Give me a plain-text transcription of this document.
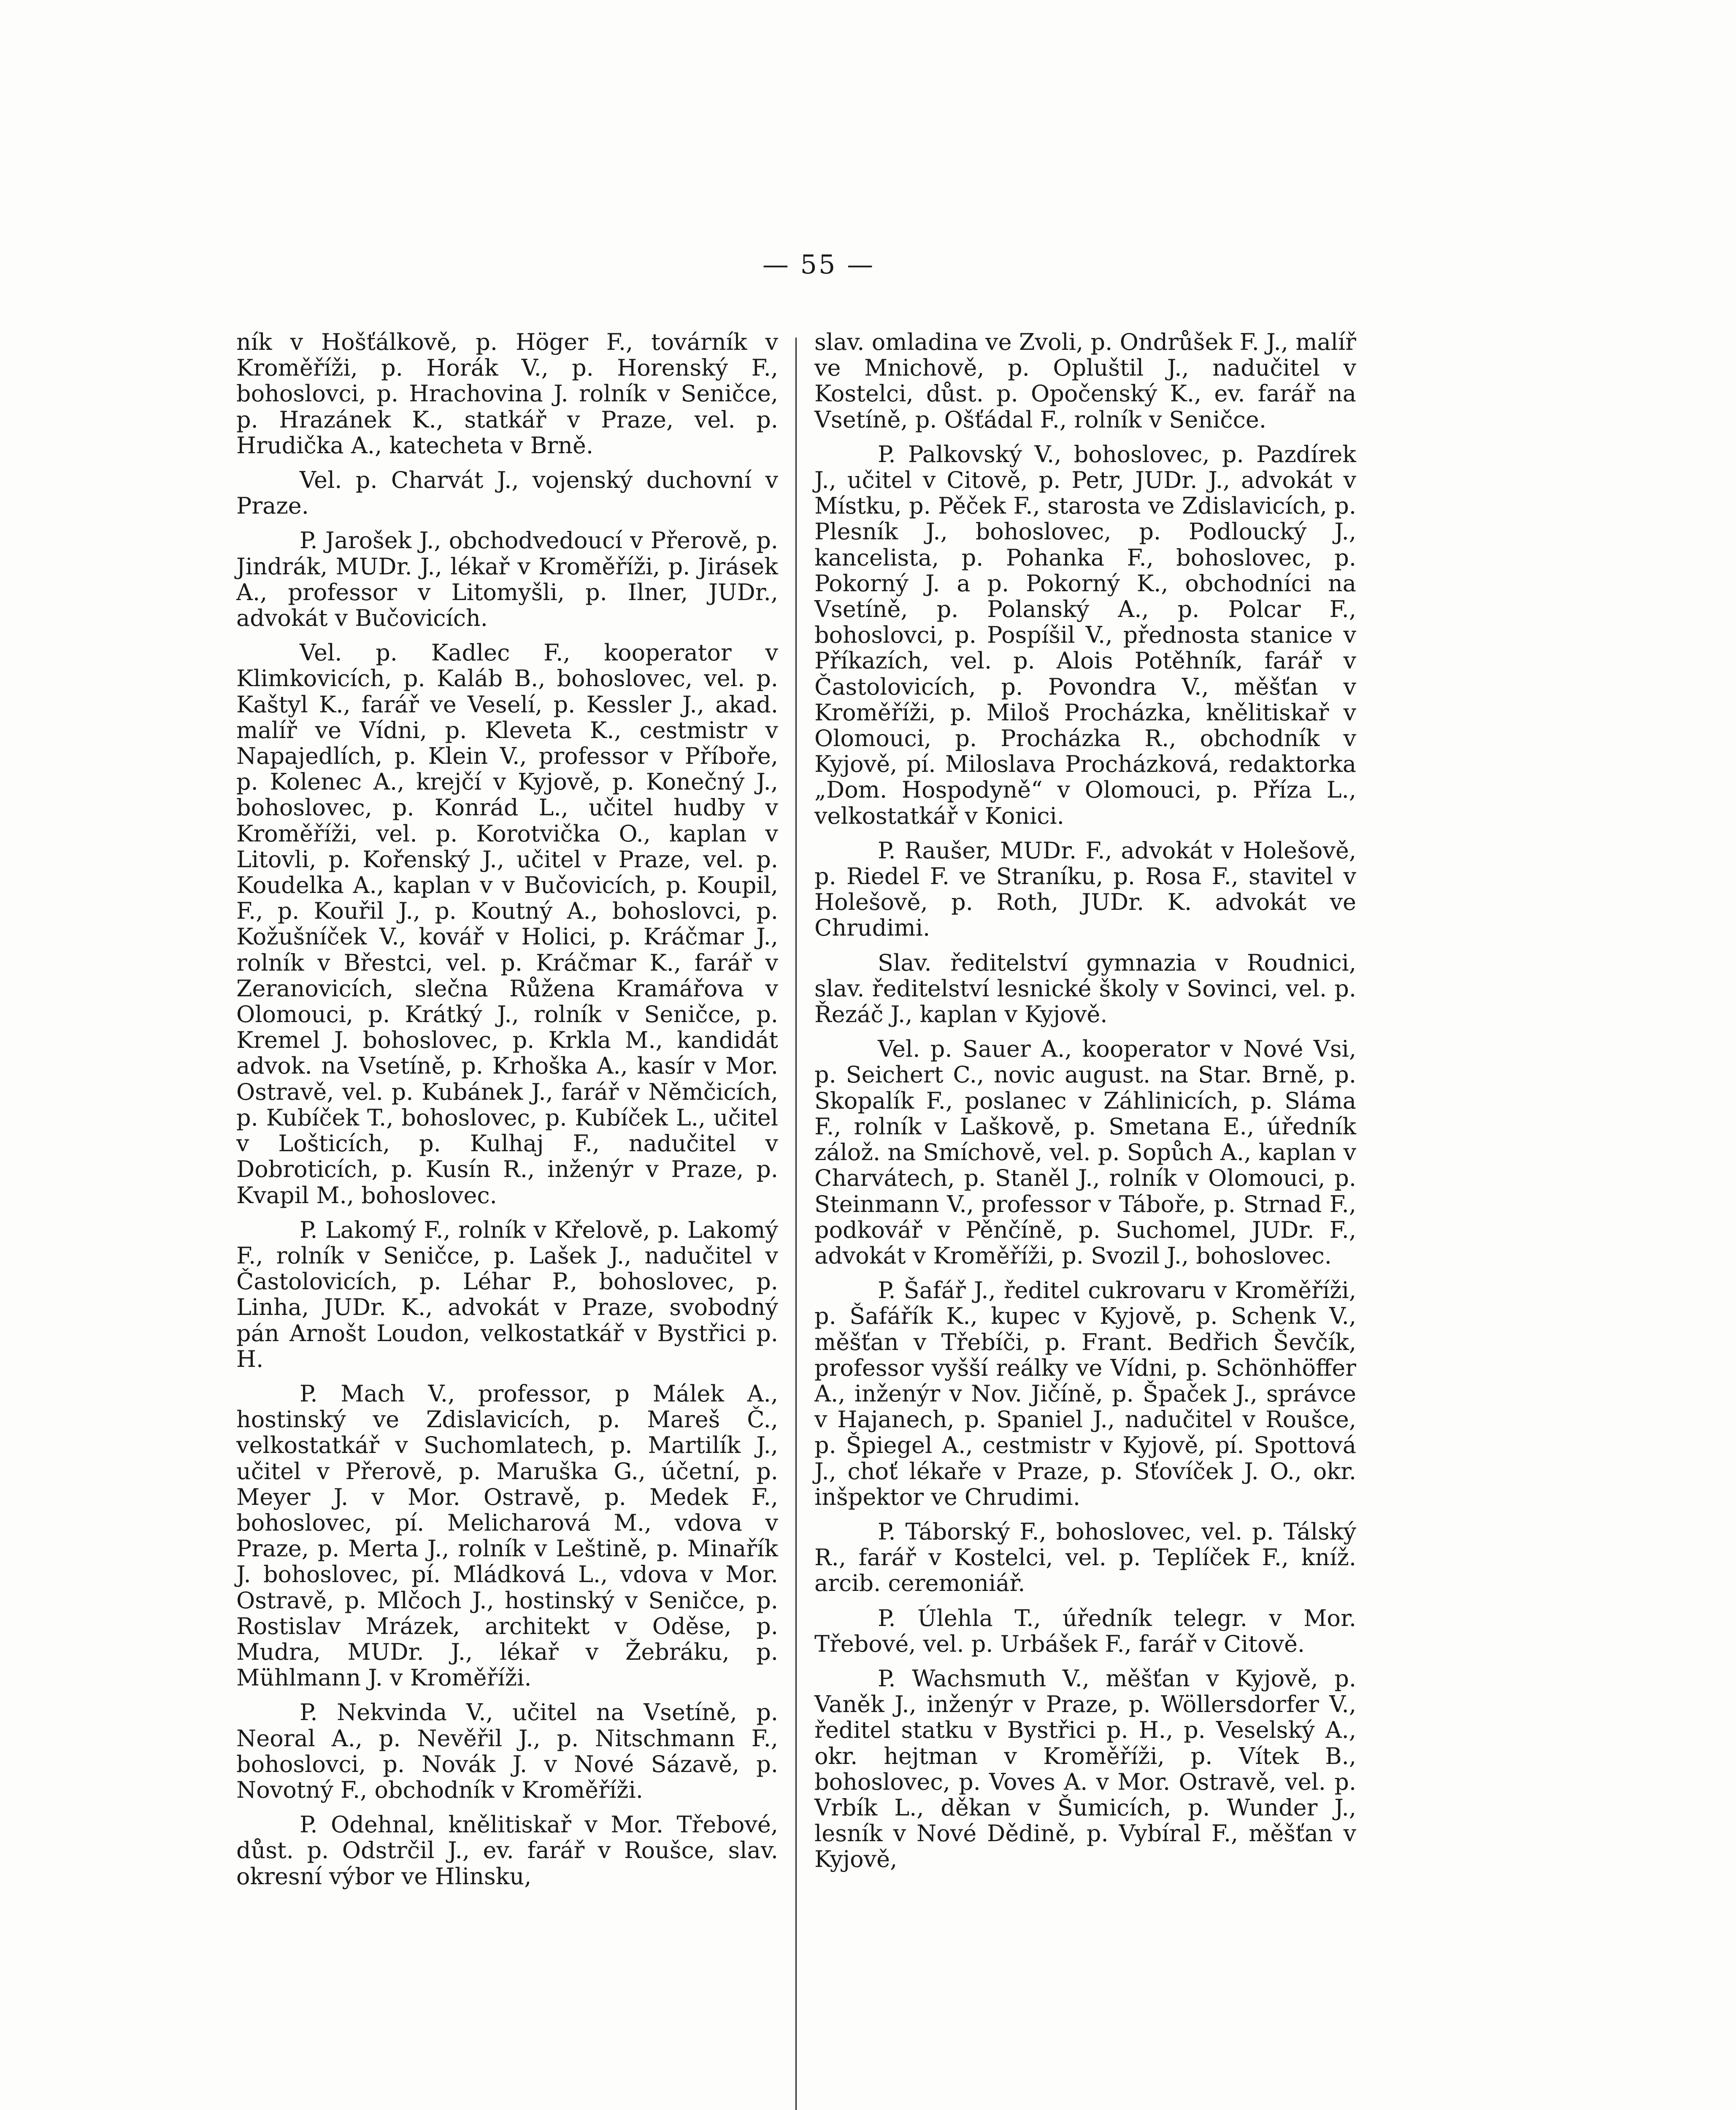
— 55 —

ník v Hošťálkově, p. Höger F., továrník v Kroměříži, p. Horák V., p. Horenský F., bohoslovci, p. Hrachovina J. rolník v Seničce, p. Hrazánek K., statkář v Praze, vel. p. Hrudička A., katecheta v Brně.

Vel. p. Charvát J., vojenský duchovní v Praze.

P. Jarošek J., obchodvedoucí v Přerově, p. Jindrák, MUDr. J., lékař v Kroměříži, p. Jirásek A., professor v Litomyšli, p. Ilner, JUDr., advokát v Bučovicích.

Vel. p. Kadlec F., kooperator v Klimkovicích, p. Kaláb B., bohoslovec, vel. p. Kaštyl K., farář ve Veselí, p. Kessler J., akad. malíř ve Vídni, p. Kleveta K., cestmistr v Napajedlích, p. Klein V., professor v Příboře, p. Kolenec A., krejčí v Kyjově, p. Konečný J., bohoslovec, p. Konrád L., učitel hudby v Kroměříži, vel. p. Korotvička O., kaplan v Litovli, p. Kořenský J., učitel v Praze, vel. p. Koudelka A., kaplan v v Bučovicích, p. Koupil, F., p. Kouřil J., p. Koutný A., bohoslovci, p. Kožušníček V., kovář v Holici, p. Kráčmar J., rolník v Břestci, vel. p. Kráčmar K., farář v Zeranovicích, slečna Růžena Kramářova v Olomouci, p. Krátký J., rolník v Seničce, p. Kremel J. bohoslovec, p. Krkla M., kandidát advok. na Vsetíně, p. Krhoška A., kasír v Mor. Ostravě, vel. p. Kubánek J., farář v Němčicích, p. Kubíček T., bohoslovec, p. Kubíček L., učitel v Lošticích, p. Kulhaj F., nadučitel v Dobroticích, p. Kusín R., inženýr v Praze, p. Kvapil M., bohoslovec.

P. Lakomý F., rolník v Křelově, p. Lakomý F., rolník v Seničce, p. Lašek J., nadučitel v Častolovicích, p. Léhar P., bohoslovec, p. Linha, JUDr. K., advokát v Praze, svobodný pán Arnošt Loudon, velkostatkář v Bystřici p. H.

P. Mach V., professor, p Málek A., hostinský ve Zdislavicích, p. Mareš Č., velkostatkář v Suchomlatech, p. Martilík J., učitel v Přerově, p. Maruška G., účetní, p. Meyer J. v Mor. Ostravě, p. Medek F., bohoslovec, pí. Melicharová M., vdova v Praze, p. Merta J., rolník v Leštině, p. Minařík J. bohoslovec, pí. Mládková L., vdova v Mor. Ostravě, p. Mlčoch J., hostinský v Seničce, p. Rostislav Mrázek, architekt v Oděse, p. Mudra, MUDr. J., lékař v Žebráku, p. Mühlmann J. v Kroměříži.

P. Nekvinda V., učitel na Vsetíně, p. Neoral A., p. Nevěřil J., p. Nitschmann F., bohoslovci, p. Novák J. v Nové Sázavě, p. Novotný F., obchodník v Kroměříži.

P. Odehnal, knělitiskař v Mor. Třebové, důst. p. Odstrčil J., ev. farář v Roušce, slav. okresní výbor ve Hlinsku,

slav. omladina ve Zvoli, p. Ondrůšek F. J., malíř ve Mnichově, p. Opluštil J., nadučitel v Kostelci, důst. p. Opočenský K., ev. farář na Vsetíně, p. Ošťádal F., rolník v Seničce.

P. Palkovský V., bohoslovec, p. Pazdírek J., učitel v Citově, p. Petr, JUDr. J., advokát v Místku, p. Pěček F., starosta ve Zdislavicích, p. Plesník J., bohoslovec, p. Podloucký J., kancelista, p. Pohanka F., bohoslovec, p. Pokorný J. a p. Pokorný K., obchodníci na Vsetíně, p. Polanský A., p. Polcar F., bohoslovci, p. Pospíšil V., přednosta stanice v Příkazích, vel. p. Alois Potěhník, farář v Častolovicích, p. Povondra V., měšťan v Kroměříži, p. Miloš Procházka, knělitiskař v Olomouci, p. Procházka R., obchodník v Kyjově, pí. Miloslava Procházková, redaktorka „Dom. Hospodyně“ v Olomouci, p. Příza L., velkostatkář v Konici.

P. Raušer, MUDr. F., advokát v Holešově, p. Riedel F. ve Straníku, p. Rosa F., stavitel v Holešově, p. Roth, JUDr. K. advokát ve Chrudimi.

Slav. ředitelství gymnazia v Roudnici, slav. ředitelství lesnické školy v Sovinci, vel. p. Řezáč J., kaplan v Kyjově.

Vel. p. Sauer A., kooperator v Nové Vsi, p. Seichert C., novic august. na Star. Brně, p. Skopalík F., poslanec v Záhlinicích, p. Sláma F., rolník v Laškově, p. Smetana E., úředník zálož. na Smíchově, vel. p. Sopůch A., kaplan v Charvátech, p. Staněl J., rolník v Olomouci, p. Steinmann V., professor v Táboře, p. Strnad F., podkovář v Pěnčíně, p. Suchomel, JUDr. F., advokát v Kroměříži, p. Svozil J., bohoslovec.

P. Šafář J., ředitel cukrovaru v Kroměříži, p. Šafářík K., kupec v Kyjově, p. Schenk V., měšťan v Třebíči, p. Frant. Bedřich Ševčík, professor vyšší reálky ve Vídni, p. Schönhöffer A., inženýr v Nov. Jičíně, p. Špaček J., správce v Hajanech, p. Spaniel J., nadučitel v Roušce, p. Špiegel A., cestmistr v Kyjově, pí. Spottová J., choť lékaře v Praze, p. Sťovíček J. O., okr. inšpektor ve Chrudimi.

P. Táborský F., bohoslovec, vel. p. Tálský R., farář v Kostelci, vel. p. Teplíček F., kníž. arcib. ceremoniář.

P. Úlehla T., úředník telegr. v Mor. Třebové, vel. p. Urbášek F., farář v Citově.

P. Wachsmuth V., měšťan v Kyjově, p. Vaněk J., inženýr v Praze, p. Wöllersdorfer V., ředitel statku v Bystřici p. H., p. Veselský A., okr. hejtman v Kroměříži, p. Vítek B., bohoslovec, p. Voves A. v Mor. Ostravě, vel. p. Vrbík L., děkan v Šumicích, p. Wunder J., lesník v Nové Dědině, p. Vybíral F., měšťan v Kyjově,
